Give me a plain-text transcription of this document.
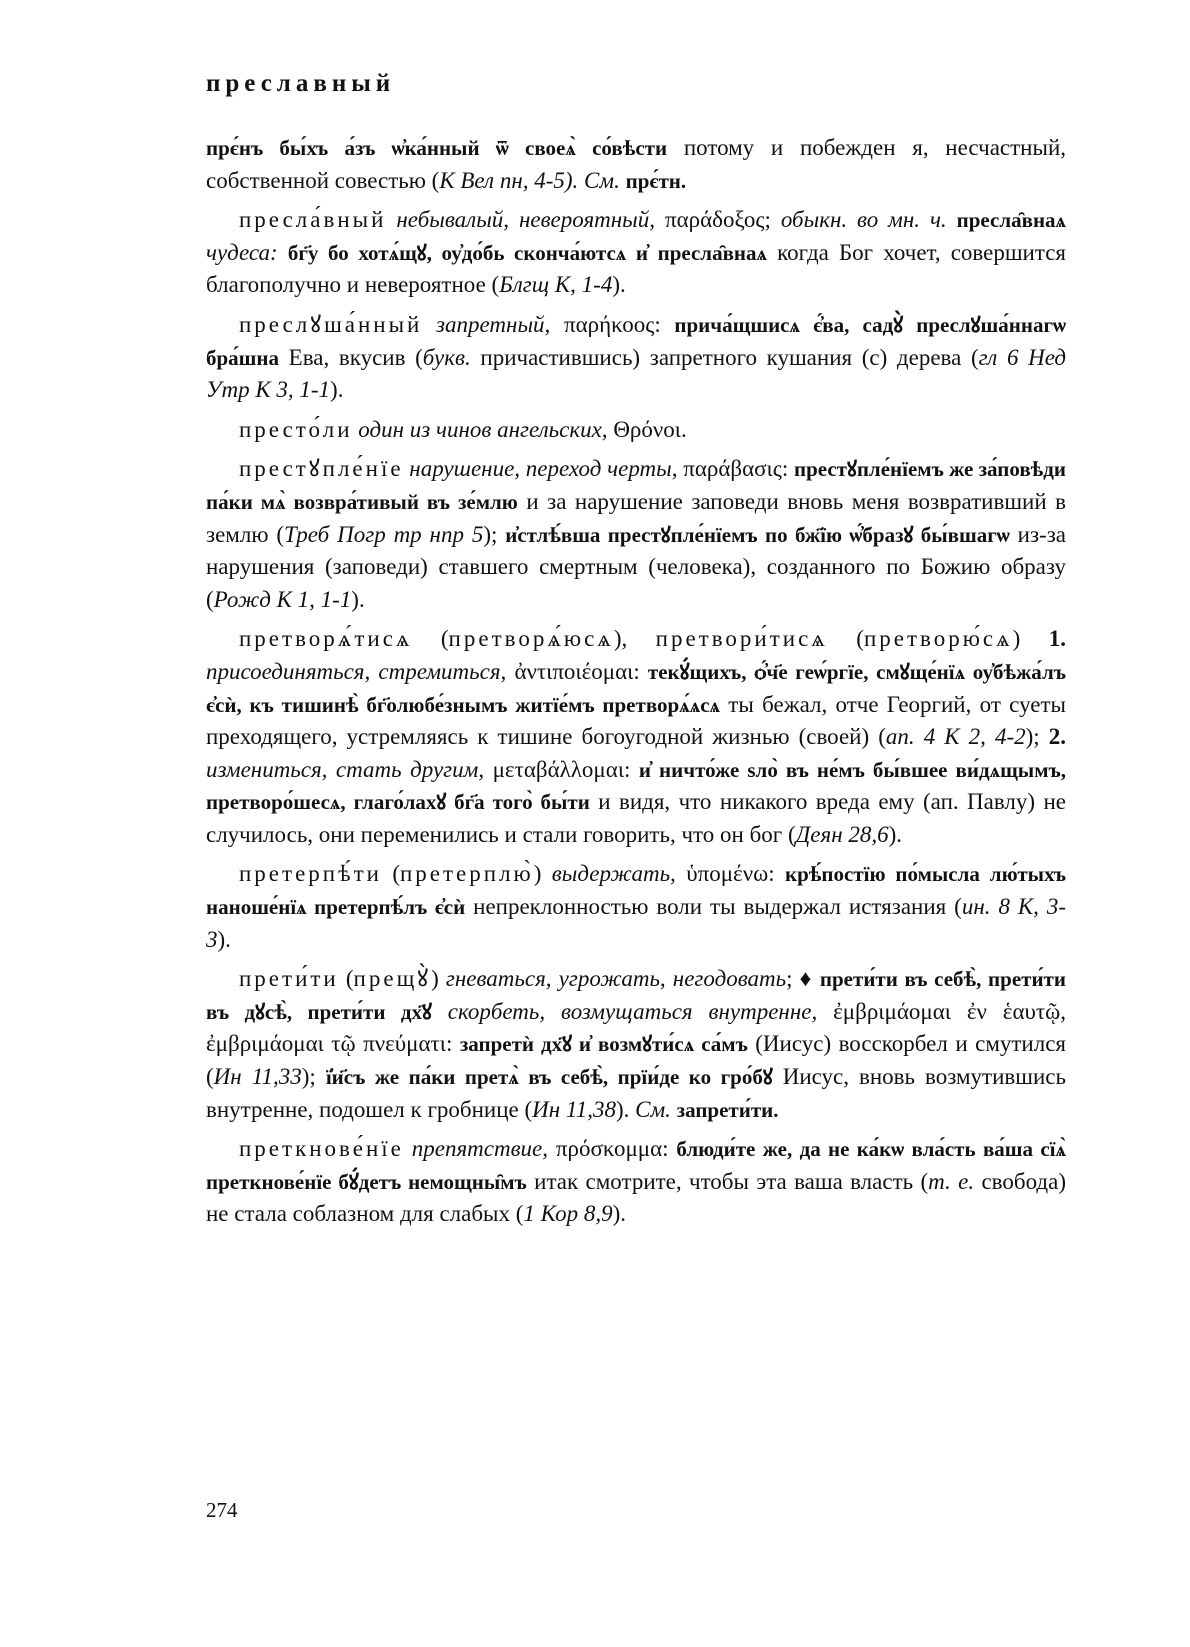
преславный

прє́нъ бы́хъ а́зъ ѡ҆ка́нный ѿ своеѧ̀ со́вѣсти потому и побежден я, несчастный, собственной совестью (К Вел пн, 4-5). См. прє́тн.

пресла́вный небывалый, невероятный, παράδοξος; обыкн. во мн. ч. пресла̑внаѧ чудеса: бг҃у бо хотѧ́щꙋ, оу҆до́бь сконча́ютсѧ и҆ пресла̑внаѧ когда Бог хочет, совершится благополучно и невероятное (Блгщ К, 1-4).

преслꙋша́нный запретный, παρήκοος: прича́щшисѧ є҆́ва, садꙋ̀ преслꙋша́ннагѡ бра́шна Ева, вкусив (букв. причастившись) запретного кушания (с) дерева (гл 6 Нед Утр К 3, 1-1).

престо́ли один из чинов ангельских, Θρόνοι.

престꙋпле́нїе нарушение, переход черты, παράβασις: престꙋпле́нїемъ же за́повѣди па́ки мѧ̀ возвра́тивый въ зе́млю и за нарушение заповеди вновь меня возвративший в землю (Треб Погр тр нпр 5); и҆стлѣ́вша престꙋпле́нїемъ по бж҃їю ѡ҆́бразꙋ бы́вшагѡ из-за нарушения (заповеди) ставшего смертным (человека), созданного по Божию образу (Рожд К 1, 1-1).

претворѧ́тисѧ (претворѧ́юсѧ), претвори́тисѧ (претворю́сѧ) 1. присоединяться, стремиться, ἀντιποιέομαι: текꙋ́щихъ, ѻ҆́ч҃е геѡ́ргїе, смꙋще́нїѧ оу҆бѣжа́лъ є҆сѝ, къ тишинѣ̀ бг҃олюбе́знымъ житїе́мъ претворѧ́ѧсѧ ты бежал, отче Георгий, от суеты преходящего, устремляясь к тишине богоугодной жизнью (своей) (ап. 4 К 2, 4-2); 2. измениться, стать другим, μεταβάλλομαι: и҆ ничто́же ѕло̀ въ не́мъ бы́вшее ви́дѧщымъ, претворо́шесѧ, глаго́лахꙋ бг҃а того̀ бы́ти и видя, что никакого вреда ему (ап. Павлу) не случилось, они переменились и стали говорить, что он бог (Деян 28,6).

претерпѣ́ти (претерплю̀) выдержать, ὑπομένω: крѣ́постїю по́мысла лю́тыхъ наноше́нїѧ претерпѣ́лъ є҆сѝ непреклонностью воли ты выдержал истязания (ин. 8 К, 3-3).

прети́ти (прещꙋ̀) гневаться, угрожать, негодовать; ♦ прети́ти въ себѣ̀, прети́ти въ дꙋсѣ̀, прети́ти дх҃ꙋ скорбеть, возмущаться внутренне, ἐμβριμάομαι ἐν ἑαυτῷ, ἐμβριμάομαι τῷ πνεύματι: запретѝ дх҃ꙋ и҆ возмꙋти́сѧ са́мъ (Иисус) восскорбел и смутился (Ин 11,33); ї҆и҃съ же па́ки претѧ̀ въ себѣ̀, прїи́де ко гро́бꙋ Иисус, вновь возмутившись внутренне, подошел к гробнице (Ин 11,38). См. запрети́ти.

преткнове́нїе препятствие, πρόσκομμα: блюди́те же, да не ка́кѡ вла́сть ва́ша сїѧ̀ преткнове́нїе бꙋ́детъ немощны̑мъ итак смотрите, чтобы эта ваша власть (т. е. свобода) не стала соблазном для слабых (1 Кор 8,9).

274
